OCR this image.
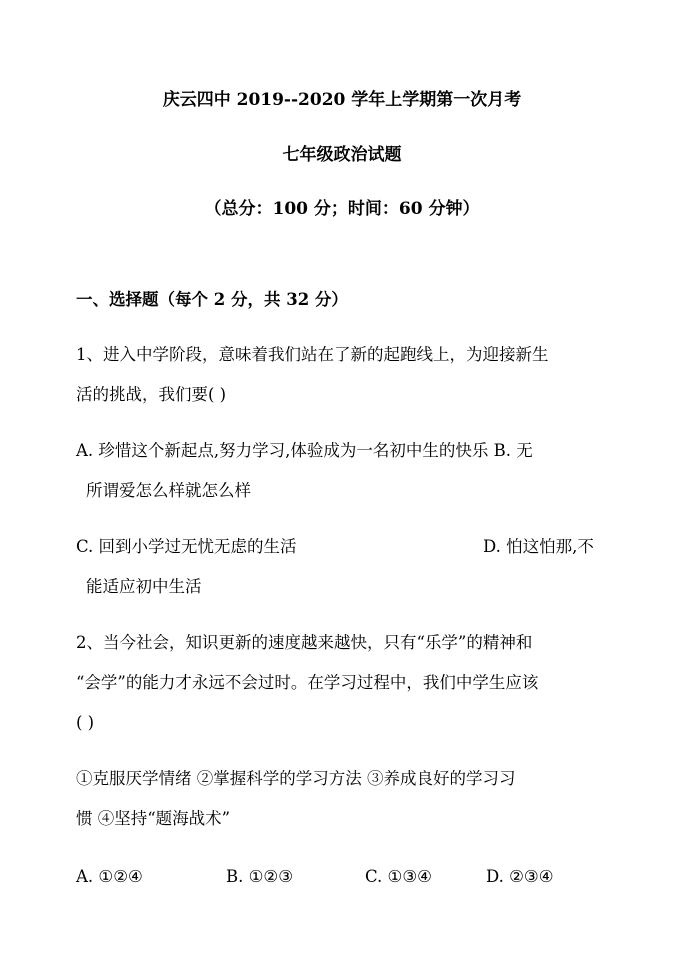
庆云四中 2019--2020 学年上学期第一次月考
七年级政治试题
（总分：100 分；时间：60 分钟）
一、选择题（每个 2 分，共 32 分）
1、进入中学阶段，意味着我们站在了新的起跑线上，为迎接新生
活的挑战，我们要( )
A. 珍惜这个新起点,努力学习,体验成为一名初中生的快乐 B. 无
所谓爱怎么样就怎么样
C. 回到小学过无忧无虑的生活	D. 怕这怕那,不
能适应初中生活
2、当今社会，知识更新的速度越来越快，只有“乐学”的精神和
“会学”的能力才永远不会过时。在学习过程中，我们中学生应该
( )
①克服厌学情绪 ②掌握科学的学习方法 ③养成良好的学习习
惯 ④坚持“题海战术”
A. ①②④	B. ①②③	C. ①③④	D. ②③④
